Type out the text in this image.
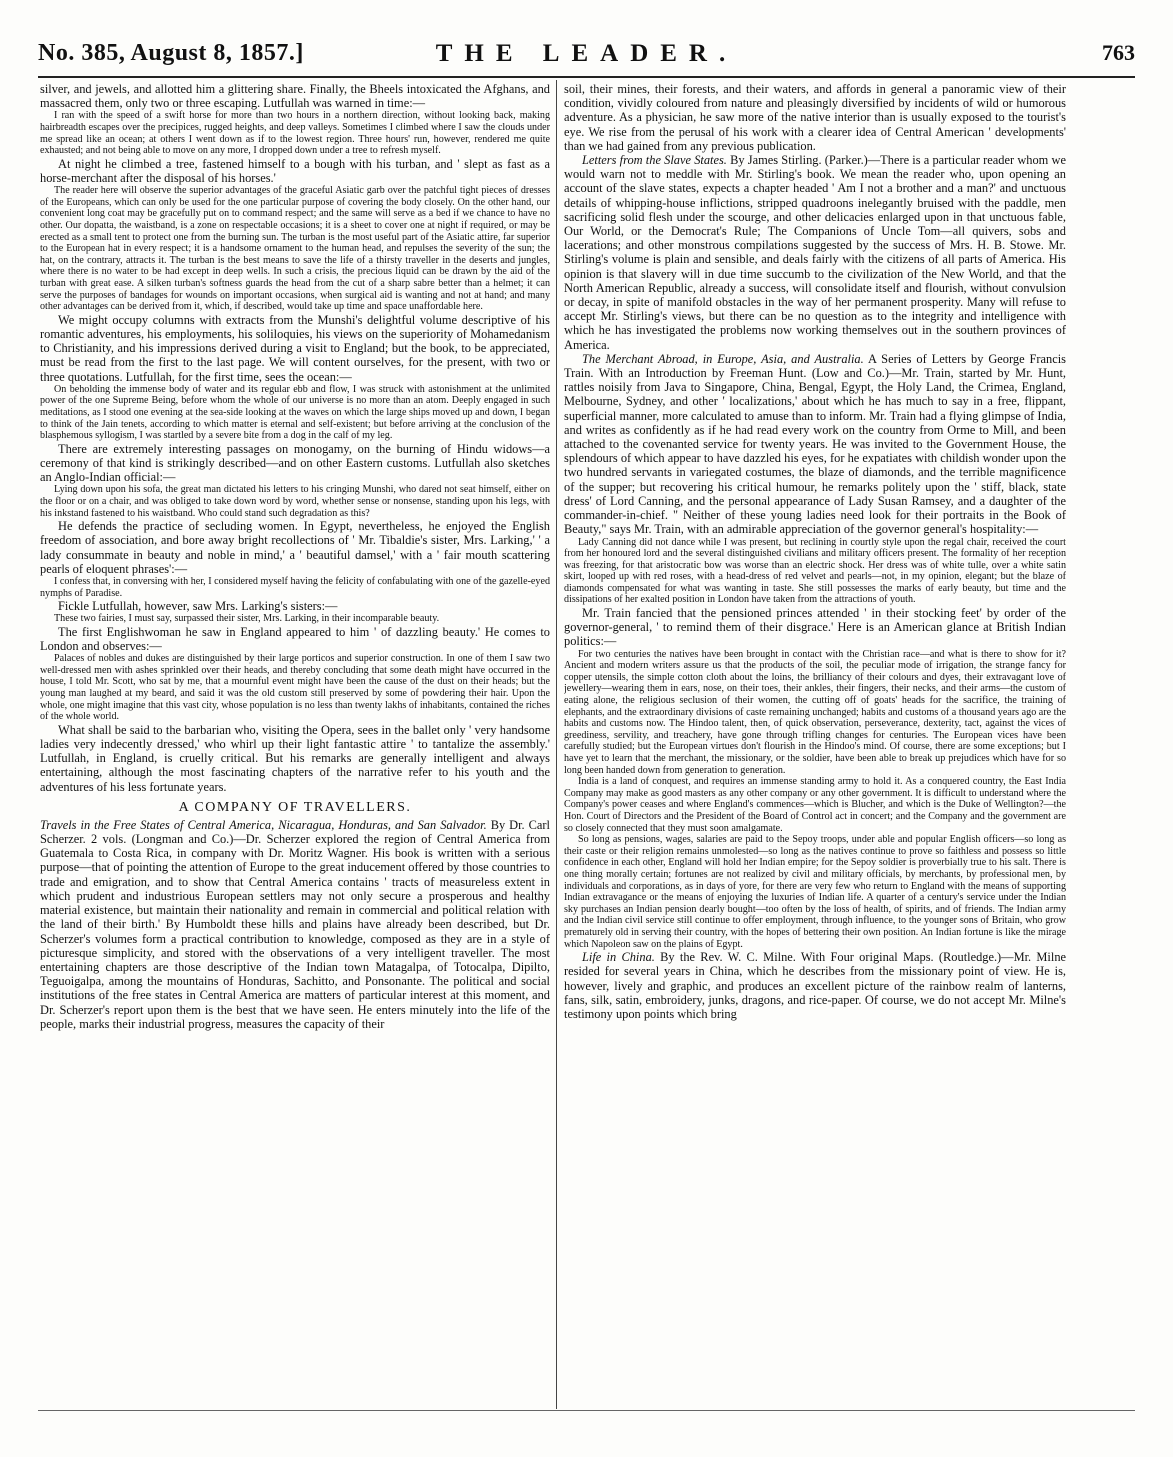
No. 385, August 8, 1857.]	THE LEADER.	763

silver, and jewels, and allotted him a glittering share. Finally, the Bheels intoxicated the Afghans, and massacred them, only two or three escaping. Lutfullah was warned in time:—

I ran with the speed of a swift horse for more than two hours in a northern direction, without looking back, making hairbreadth escapes over the precipices, rugged heights, and deep valleys. Sometimes I climbed where I saw the clouds under me spread like an ocean; at others I went down as if to the lowest region. Three hours' run, however, rendered me quite exhausted; and not being able to move on any more, I dropped down under a tree to refresh myself.

At night he climbed a tree, fastened himself to a bough with his turban, and ' slept as fast as a horse-merchant after the disposal of his horses.'

The reader here will observe the superior advantages of the graceful Asiatic garb over the patchful tight pieces of dresses of the Europeans, which can only be used for the one particular purpose of covering the body closely. On the other hand, our convenient long coat may be gracefully put on to command respect; and the same will serve as a bed if we chance to have no other. Our dopatta, the waistband, is a zone on respectable occasions; it is a sheet to cover one at night if required, or may be erected as a small tent to protect one from the burning sun. The turban is the most useful part of the Asiatic attire, far superior to the European hat in every respect; it is a handsome ornament to the human head, and repulses the severity of the sun; the hat, on the contrary, attracts it. The turban is the best means to save the life of a thirsty traveller in the deserts and jungles, where there is no water to be had except in deep wells. In such a crisis, the precious liquid can be drawn by the aid of the turban with great ease. A silken turban's softness guards the head from the cut of a sharp sabre better than a helmet; it can serve the purposes of bandages for wounds on important occasions, when surgical aid is wanting and not at hand; and many other advantages can be derived from it, which, if described, would take up time and space unaffordable here.

We might occupy columns with extracts from the Munshi's delightful volume descriptive of his romantic adventures, his employments, his soliloquies, his views on the superiority of Mohamedanism to Christianity, and his impressions derived during a visit to England; but the book, to be appreciated, must be read from the first to the last page. We will content ourselves, for the present, with two or three quotations. Lutfullah, for the first time, sees the ocean:—

On beholding the immense body of water and its regular ebb and flow, I was struck with astonishment at the unlimited power of the one Supreme Being, before whom the whole of our universe is no more than an atom. Deeply engaged in such meditations, as I stood one evening at the sea-side looking at the waves on which the large ships moved up and down, I began to think of the Jain tenets, according to which matter is eternal and self-existent; but before arriving at the conclusion of the blasphemous syllogism, I was startled by a severe bite from a dog in the calf of my leg.

There are extremely interesting passages on monogamy, on the burning of Hindu widows—a ceremony of that kind is strikingly described—and on other Eastern customs. Lutfullah also sketches an Anglo-Indian official:—

Lying down upon his sofa, the great man dictated his letters to his cringing Munshi, who dared not seat himself, either on the floor or on a chair, and was obliged to take down word by word, whether sense or nonsense, standing upon his legs, with his inkstand fastened to his waistband. Who could stand such degradation as this?

He defends the practice of secluding women. In Egypt, nevertheless, he enjoyed the English freedom of association, and bore away bright recollections of ' Mr. Tibaldie's sister, Mrs. Larking,' ' a lady consummate in beauty and noble in mind,' a ' beautiful damsel,' with a ' fair mouth scattering pearls of eloquent phrases':—

I confess that, in conversing with her, I considered myself having the felicity of confabulating with one of the gazelle-eyed nymphs of Paradise.

Fickle Lutfullah, however, saw Mrs. Larking's sisters:—

These two fairies, I must say, surpassed their sister, Mrs. Larking, in their incomparable beauty.

The first Englishwoman he saw in England appeared to him ' of dazzling beauty.' He comes to London and observes:—

Palaces of nobles and dukes are distinguished by their large porticos and superior construction. In one of them I saw two well-dressed men with ashes sprinkled over their heads, and thereby concluding that some death might have occurred in the house, I told Mr. Scott, who sat by me, that a mournful event might have been the cause of the dust on their heads; but the young man laughed at my beard, and said it was the old custom still preserved by some of powdering their hair. Upon the whole, one might imagine that this vast city, whose population is no less than twenty lakhs of inhabitants, contained the riches of the whole world.

What shall be said to the barbarian who, visiting the Opera, sees in the ballet only ' very handsome ladies very indecently dressed,' who whirl up their light fantastic attire ' to tantalize the assembly.' Lutfullah, in England, is cruelly critical. But his remarks are generally intelligent and always entertaining, although the most fascinating chapters of the narrative refer to his youth and the adventures of his less fortunate years.

A COMPANY OF TRAVELLERS.

Travels in the Free States of Central America, Nicaragua, Honduras, and San Salvador. By Dr. Carl Scherzer. 2 vols. (Longman and Co.)—Dr. Scherzer explored the region of Central America from Guatemala to Costa Rica, in company with Dr. Moritz Wagner. His book is written with a serious purpose—that of pointing the attention of Europe to the great inducement offered by those countries to trade and emigration, and to show that Central America contains ' tracts of measureless extent in which prudent and industrious European settlers may not only secure a prosperous and healthy material existence, but maintain their nationality and remain in commercial and political relation with the land of their birth.' By Humboldt these hills and plains have already been described, but Dr. Scherzer's volumes form a practical contribution to knowledge, composed as they are in a style of picturesque simplicity, and stored with the observations of a very intelligent traveller. The most entertaining chapters are those descriptive of the Indian town Matagalpa, of Totocalpa, Dipilto, Teguoigalpa, among the mountains of Honduras, Sachitto, and Ponsonante. The political and social institutions of the free states in Central America are matters of particular interest at this moment, and Dr. Scherzer's report upon them is the best that we have seen. He enters minutely into the life of the people, marks their industrial progress, measures the capacity of their

soil, their mines, their forests, and their waters, and affords in general a panoramic view of their condition, vividly coloured from nature and pleasingly diversified by incidents of wild or humorous adventure. As a physician, he saw more of the native interior than is usually exposed to the tourist's eye. We rise from the perusal of his work with a clearer idea of Central American ' developments' than we had gained from any previous publication.

Letters from the Slave States. By James Stirling. (Parker.)—There is a particular reader whom we would warn not to meddle with Mr. Stirling's book. We mean the reader who, upon opening an account of the slave states, expects a chapter headed ' Am I not a brother and a man?' and unctuous details of whipping-house inflictions, stripped quadroons inelegantly bruised with the paddle, men sacrificing solid flesh under the scourge, and other delicacies enlarged upon in that unctuous fable, Our World, or the Democrat's Rule; The Companions of Uncle Tom—all quivers, sobs and lacerations; and other monstrous compilations suggested by the success of Mrs. H. B. Stowe. Mr. Stirling's volume is plain and sensible, and deals fairly with the citizens of all parts of America. His opinion is that slavery will in due time succumb to the civilization of the New World, and that the North American Republic, already a success, will consolidate itself and flourish, without convulsion or decay, in spite of manifold obstacles in the way of her permanent prosperity. Many will refuse to accept Mr. Stirling's views, but there can be no question as to the integrity and intelligence with which he has investigated the problems now working themselves out in the southern provinces of America.

The Merchant Abroad, in Europe, Asia, and Australia. A Series of Letters by George Francis Train. With an Introduction by Freeman Hunt. (Low and Co.)—Mr. Train, started by Mr. Hunt, rattles noisily from Java to Singapore, China, Bengal, Egypt, the Holy Land, the Crimea, England, Melbourne, Sydney, and other ' localizations,' about which he has much to say in a free, flippant, superficial manner, more calculated to amuse than to inform. Mr. Train had a flying glimpse of India, and writes as confidently as if he had read every work on the country from Orme to Mill, and been attached to the covenanted service for twenty years. He was invited to the Government House, the splendours of which appear to have dazzled his eyes, for he expatiates with childish wonder upon the two hundred servants in variegated costumes, the blaze of diamonds, and the terrible magnificence of the supper; but recovering his critical humour, he remarks politely upon the ' stiff, black, state dress' of Lord Canning, and the personal appearance of Lady Susan Ramsey, and a daughter of the commander-in-chief. " Neither of these young ladies need look for their portraits in the Book of Beauty," says Mr. Train, with an admirable appreciation of the governor general's hospitality:—

Lady Canning did not dance while I was present, but reclining in courtly style upon the regal chair, received the court from her honoured lord and the several distinguished civilians and military officers present. The formality of her reception was freezing, for that aristocratic bow was worse than an electric shock. Her dress was of white tulle, over a white satin skirt, looped up with red roses, with a head-dress of red velvet and pearls—not, in my opinion, elegant; but the blaze of diamonds compensated for what was wanting in taste. She still possesses the marks of early beauty, but time and the dissipations of her exalted position in London have taken from the attractions of youth.

Mr. Train fancied that the pensioned princes attended ' in their stocking feet' by order of the governor-general, ' to remind them of their disgrace.' Here is an American glance at British Indian politics:—

For two centuries the natives have been brought in contact with the Christian race—and what is there to show for it? Ancient and modern writers assure us that the products of the soil, the peculiar mode of irrigation, the strange fancy for copper utensils, the simple cotton cloth about the loins, the brilliancy of their colours and dyes, their extravagant love of jewellery—wearing them in ears, nose, on their toes, their ankles, their fingers, their necks, and their arms—the custom of eating alone, the religious seclusion of their women, the cutting off of goats' heads for the sacrifice, the training of elephants, and the extraordinary divisions of caste remaining unchanged; habits and customs of a thousand years ago are the habits and customs now. The Hindoo talent, then, of quick observation, perseverance, dexterity, tact, against the vices of greediness, servility, and treachery, have gone through trifling changes for centuries. The European vices have been carefully studied; but the European virtues don't flourish in the Hindoo's mind. Of course, there are some exceptions; but I have yet to learn that the merchant, the missionary, or the soldier, have been able to break up prejudices which have for so long been handed down from generation to generation.

India is a land of conquest, and requires an immense standing army to hold it. As a conquered country, the East India Company may make as good masters as any other company or any other government. It is difficult to understand where the Company's power ceases and where England's commences—which is Blucher, and which is the Duke of Wellington?—the Hon. Court of Directors and the President of the Board of Control act in concert; and the Company and the government are so closely connected that they must soon amalgamate.

So long as pensions, wages, salaries are paid to the Sepoy troops, under able and popular English officers—so long as their caste or their religion remains unmolested—so long as the natives continue to prove so faithless and possess so little confidence in each other, England will hold her Indian empire; for the Sepoy soldier is proverbially true to his salt. There is one thing morally certain; fortunes are not realized by civil and military officials, by merchants, by professional men, by individuals and corporations, as in days of yore, for there are very few who return to England with the means of supporting Indian extravagance or the means of enjoying the luxuries of Indian life. A quarter of a century's service under the Indian sky purchases an Indian pension dearly bought—too often by the loss of health, of spirits, and of friends. The Indian army and the Indian civil service still continue to offer employment, through influence, to the younger sons of Britain, who grow prematurely old in serving their country, with the hopes of bettering their own position. An Indian fortune is like the mirage which Napoleon saw on the plains of Egypt.

Life in China. By the Rev. W. C. Milne. With Four original Maps. (Routledge.)—Mr. Milne resided for several years in China, which he describes from the missionary point of view. He is, however, lively and graphic, and produces an excellent picture of the rainbow realm of lanterns, fans, silk, satin, embroidery, junks, dragons, and rice-paper. Of course, we do not accept Mr. Milne's testimony upon points which bring
